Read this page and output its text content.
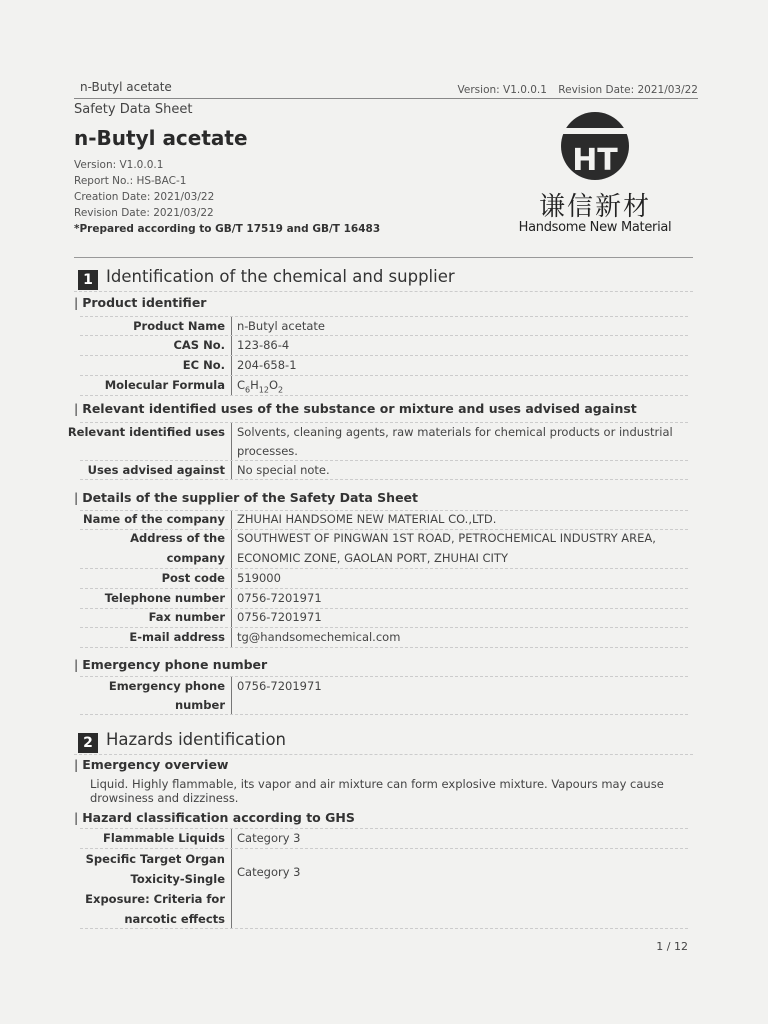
n-Butyl acetate	Version: V1.0.0.1 Revision Date: 2021/03/22
Safety Data Sheet
n-Butyl acetate
Version: V1.0.0.1
Report No.: HS-BAC-1
Creation Date: 2021/03/22
Revision Date: 2021/03/22
*Prepared according to GB/T 17519 and GB/T 16483
HT
谦信新材
Handsome New Material
1 Identification of the chemical and supplier
| Product identifier
Product Name n-Butyl acetate
CAS No. 123-86-4
EC No. 204-658-1
Molecular Formula $C_6H_{12}O_2$
| Relevant identified uses of the substance or mixture and uses advised against
Relevant identified uses Solvents, cleaning agents, raw materials for chemical products or industrial
processes.
Uses advised against No special note.
| Details of the supplier of the Safety Data Sheet
Name of the company ZHUHAI HANDSOME NEW MATERIAL CO.,LTD.
Address of the SOUTHWEST OF PINGWAN 1ST ROAD, PETROCHEMICAL INDUSTRY AREA,
company ECONOMIC ZONE, GAOLAN PORT, ZHUHAI CITY
Post code 519000
Telephone number 0756-7201971
Fax number 0756-7201971
E-mail address tg@handsomechemical.com
| Emergency phone number
Emergency phone 0756-7201971
number
2 Hazards identification
| Emergency overview
Liquid. Highly flammable, its vapor and air mixture can form explosive mixture. Vapours may cause
drowsiness and dizziness.
| Hazard classification according to GHS
Flammable Liquids Category 3
Specific Target Organ
Category 3
Toxicity-Single
Exposure: Criteria for
narcotic effects
1 / 12
